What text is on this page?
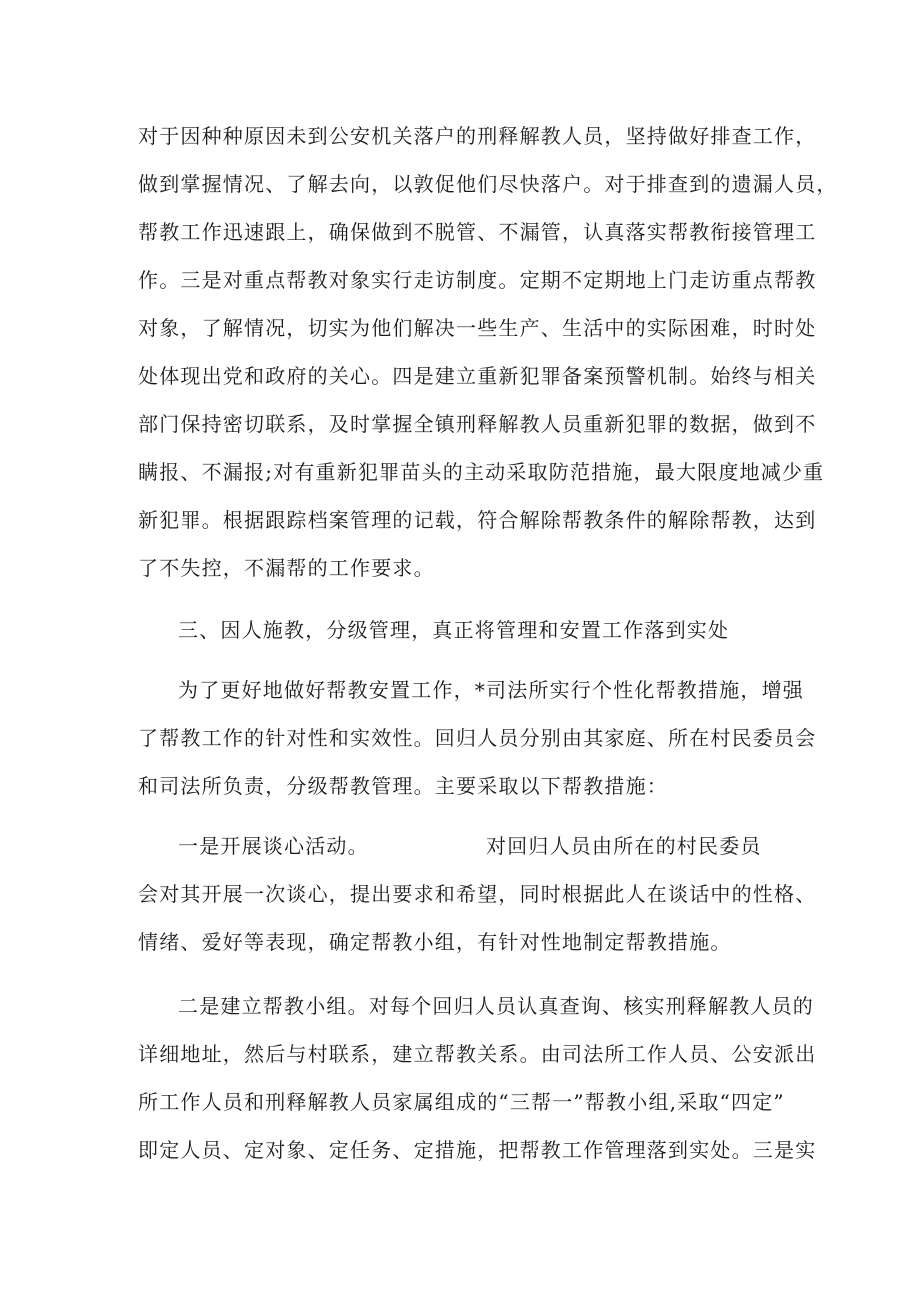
对于因种种原因未到公安机关落户的刑释解教人员，坚持做好排查工作，
做到掌握情况、了解去向，以敦促他们尽快落户。对于排查到的遗漏人员，
帮教工作迅速跟上，确保做到不脱管、不漏管，认真落实帮教衔接管理工
作。三是对重点帮教对象实行走访制度。定期不定期地上门走访重点帮教
对象，了解情况，切实为他们解决一些生产、生活中的实际困难，时时处
处体现出党和政府的关心。四是建立重新犯罪备案预警机制。始终与相关
部门保持密切联系，及时掌握全镇刑释解教人员重新犯罪的数据，做到不
瞒报、不漏报;对有重新犯罪苗头的主动采取防范措施，最大限度地减少重
新犯罪。根据跟踪档案管理的记载，符合解除帮教条件的解除帮教，达到
了不失控，不漏帮的工作要求。
三、因人施教，分级管理，真正将管理和安置工作落到实处
为了更好地做好帮教安置工作，*司法所实行个性化帮教措施，增强
了帮教工作的针对性和实效性。回归人员分别由其家庭、所在村民委员会
和司法所负责，分级帮教管理。主要采取以下帮教措施：
一是开展谈心活动。	对回归人员由所在的村民委员
会对其开展一次谈心，提出要求和希望，同时根据此人在谈话中的性格、
情绪、爱好等表现，确定帮教小组，有针对性地制定帮教措施。
二是建立帮教小组。对每个回归人员认真查询、核实刑释解教人员的
详细地址，然后与村联系，建立帮教关系。由司法所工作人员、公安派出
所工作人员和刑释解教人员家属组成的“三帮一”帮教小组,采取“四定”
即定人员、定对象、定任务、定措施，把帮教工作管理落到实处。三是实
